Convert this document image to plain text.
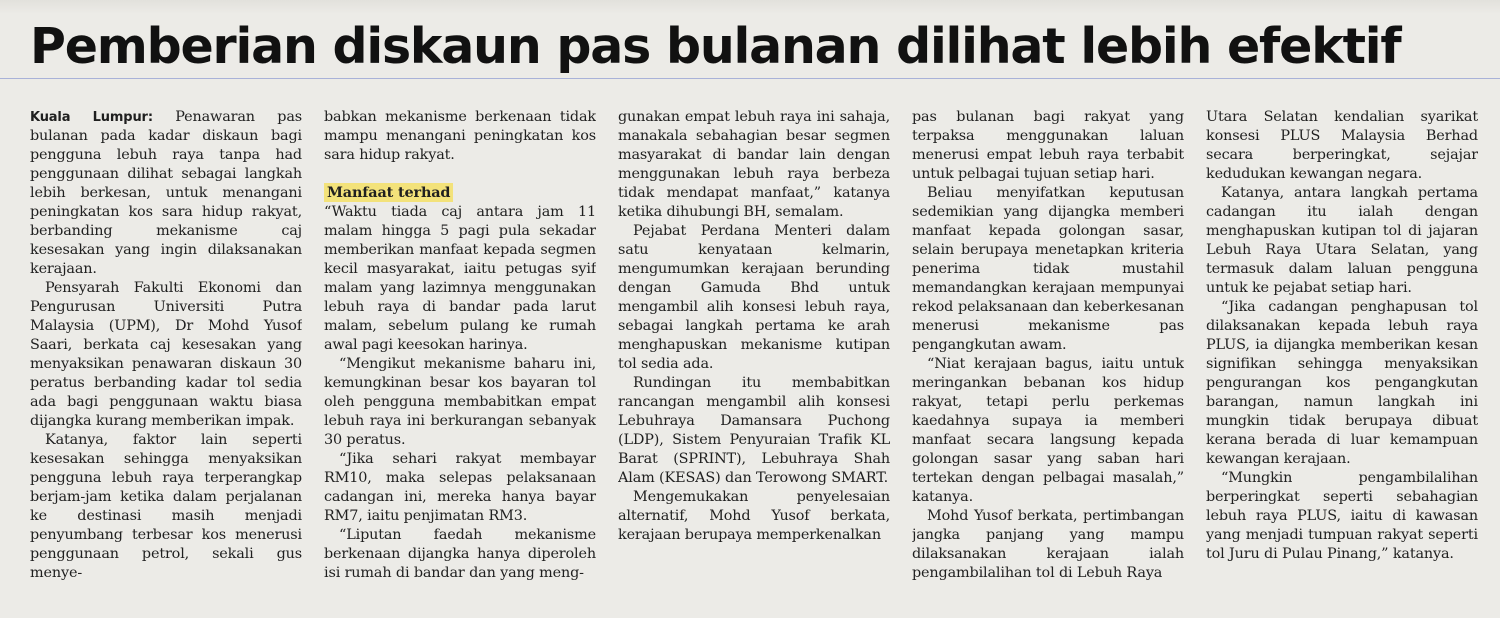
Pemberian diskaun pas bulanan dilihat lebih efektif

Kuala Lumpur: Penawaran pas bulanan pada kadar diskaun bagi pengguna lebuh raya tanpa had penggunaan dilihat sebagai langkah lebih berkesan, untuk menangani peningkatan kos sara hidup rakyat, berbanding mekanisme caj kesesakan yang ingin dilaksanakan kerajaan.

Pensyarah Fakulti Ekonomi dan Pengurusan Universiti Putra Malaysia (UPM), Dr Mohd Yusof Saari, berkata caj kesesakan yang menyaksikan penawaran diskaun 30 peratus berbanding kadar tol sedia ada bagi penggunaan waktu biasa dijangka kurang memberikan impak.

Katanya, faktor lain seperti kesesakan sehingga menyaksikan pengguna lebuh raya terperangkap berjam-jam ketika dalam perjalanan ke destinasi masih menjadi penyumbang terbesar kos menerusi penggunaan petrol, sekali gus menye-

babkan mekanisme berkenaan tidak mampu menangani peningkatan kos sara hidup rakyat.

Manfaat terhad

“Waktu tiada caj antara jam 11 malam hingga 5 pagi pula sekadar memberikan manfaat kepada segmen kecil masyarakat, iaitu petugas syif malam yang lazimnya menggunakan lebuh raya di bandar pada larut malam, sebelum pulang ke rumah awal pagi keesokan harinya.

“Mengikut mekanisme baharu ini, kemungkinan besar kos bayaran tol oleh pengguna membabitkan empat lebuh raya ini berkurangan sebanyak 30 peratus.

“Jika sehari rakyat membayar RM10, maka selepas pelaksanaan cadangan ini, mereka hanya bayar RM7, iaitu penjimatan RM3.

“Liputan faedah mekanisme berkenaan dijangka hanya diperoleh isi rumah di bandar dan yang meng-

gunakan empat lebuh raya ini sahaja, manakala sebahagian besar segmen masyarakat di bandar lain dengan menggunakan lebuh raya berbeza tidak mendapat manfaat,” katanya ketika dihubungi BH, semalam.

Pejabat Perdana Menteri dalam satu kenyataan kelmarin, mengumumkan kerajaan berunding dengan Gamuda Bhd untuk mengambil alih konsesi lebuh raya, sebagai langkah pertama ke arah menghapuskan mekanisme kutipan tol sedia ada.

Rundingan itu membabitkan rancangan mengambil alih konsesi Lebuhraya Damansara Puchong (LDP), Sistem Penyuraian Trafik KL Barat (SPRINT), Lebuhraya Shah Alam (KESAS) dan Terowong SMART.

Mengemukakan penyelesaian alternatif, Mohd Yusof berkata, kerajaan berupaya memperkenalkan

pas bulanan bagi rakyat yang terpaksa menggunakan laluan menerusi empat lebuh raya terbabit untuk pelbagai tujuan setiap hari.

Beliau menyifatkan keputusan sedemikian yang dijangka memberi manfaat kepada golongan sasar, selain berupaya menetapkan kriteria penerima tidak mustahil memandangkan kerajaan mempunyai rekod pelaksanaan dan keberkesanan menerusi mekanisme pas pengangkutan awam.

“Niat kerajaan bagus, iaitu untuk meringankan bebanan kos hidup rakyat, tetapi perlu perkemas kaedahnya supaya ia memberi manfaat secara langsung kepada golongan sasar yang saban hari tertekan dengan pelbagai masalah,” katanya.

Mohd Yusof berkata, pertimbangan jangka panjang yang mampu dilaksanakan kerajaan ialah pengambilalihan tol di Lebuh Raya

Utara Selatan kendalian syarikat konsesi PLUS Malaysia Berhad secara berperingkat, sejajar kedudukan kewangan negara.

Katanya, antara langkah pertama cadangan itu ialah dengan menghapuskan kutipan tol di jajaran Lebuh Raya Utara Selatan, yang termasuk dalam laluan pengguna untuk ke pejabat setiap hari.

“Jika cadangan penghapusan tol dilaksanakan kepada lebuh raya PLUS, ia dijangka memberikan kesan signifikan sehingga menyaksikan pengurangan kos pengangkutan barangan, namun langkah ini mungkin tidak berupaya dibuat kerana berada di luar kemampuan kewangan kerajaan.

“Mungkin pengambilalihan berperingkat seperti sebahagian lebuh raya PLUS, iaitu di kawasan yang menjadi tumpuan rakyat seperti tol Juru di Pulau Pinang,” katanya.
